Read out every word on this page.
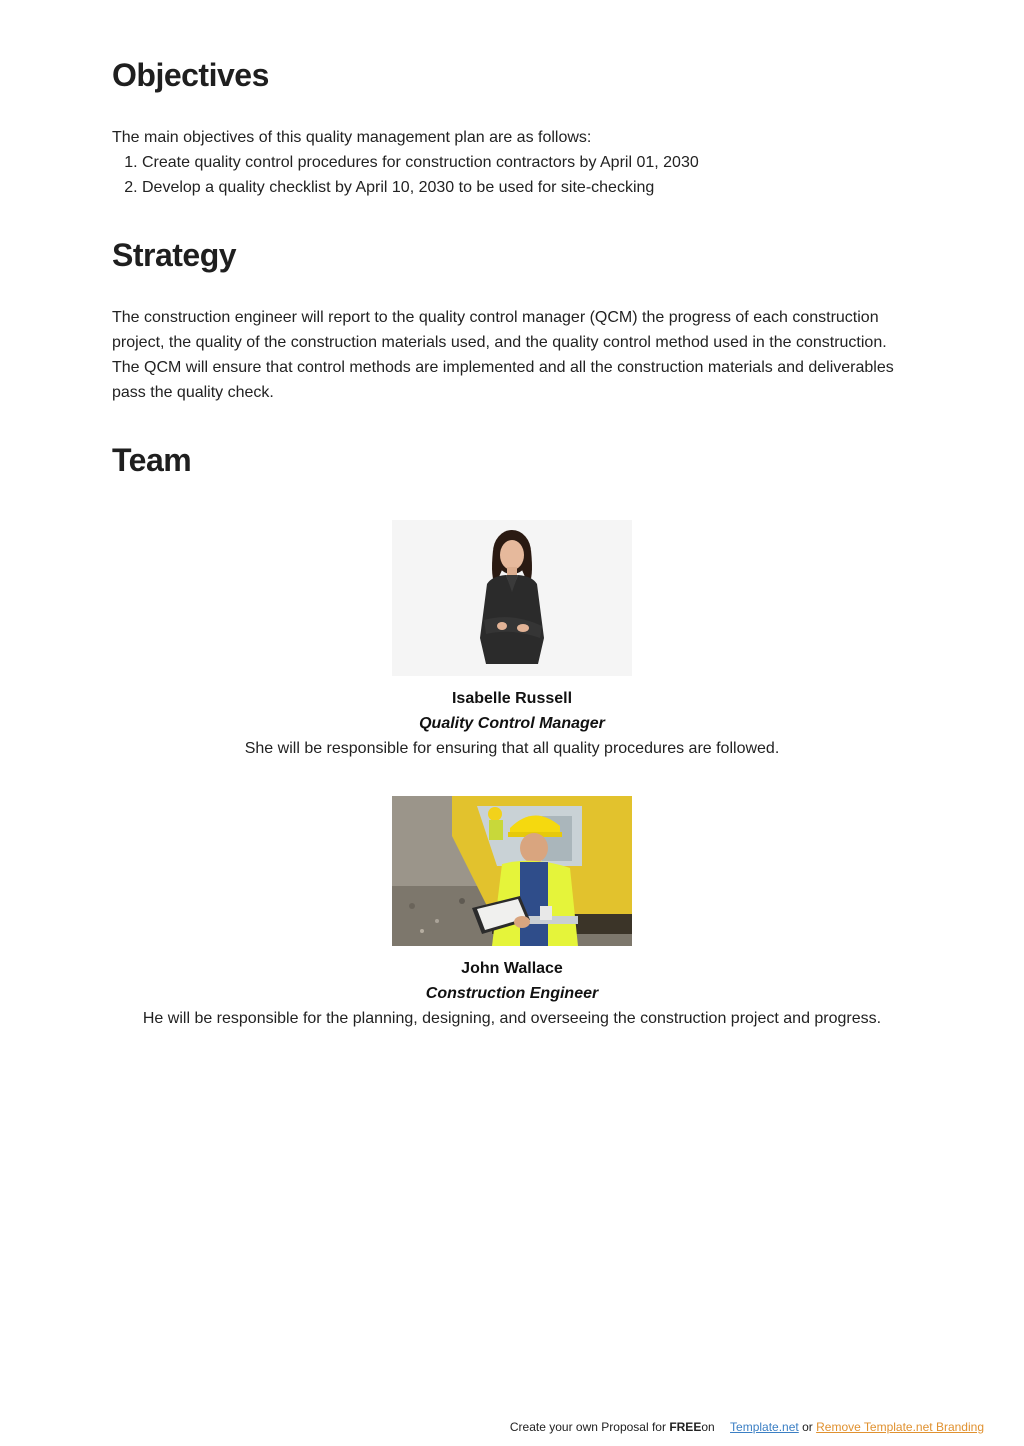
Objectives

The main objectives of this quality management plan are as follows:

1. Create quality control procedures for construction contractors by April 01, 2030
2. Develop a quality checklist by April 10, 2030 to be used for site-checking
Strategy

The construction engineer will report to the quality control manager (QCM) the progress of each construction project, the quality of the construction materials used, and the quality control method used in the construction. The QCM will ensure that control methods are implemented and all the construction materials and deliverables pass the quality check.

Team
Isabelle Russell
Quality Control Manager
She will be responsible for ensuring that all quality procedures are followed.
John Wallace
Construction Engineer
He will be responsible for the planning, designing, and overseeing the construction project and progress.
Create your own Proposal for FREEon Template.net or Remove Template.net Branding
